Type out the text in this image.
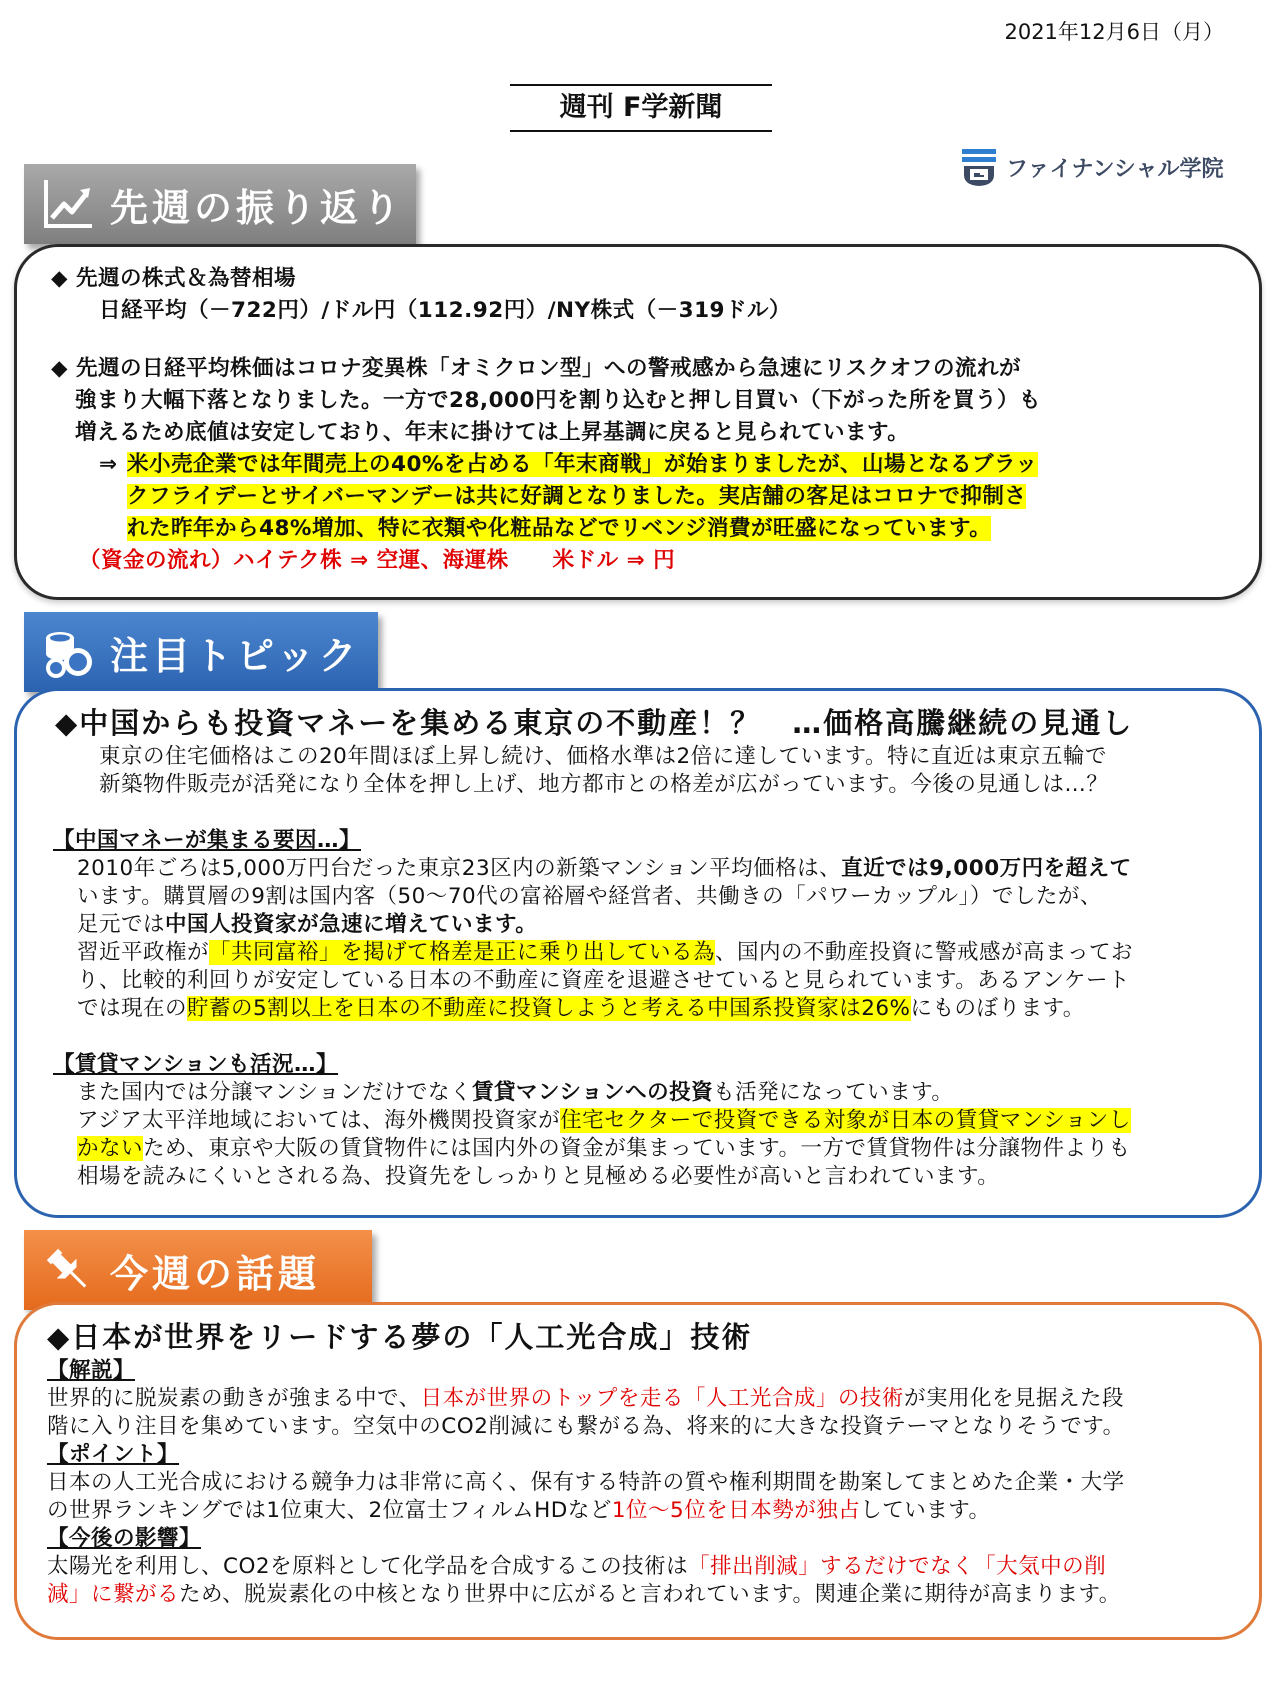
2021年12月6日（月）
週刊 F学新聞
ファイナンシャル学院
先週の振り返り
◆ 先週の株式＆為替相場
日経平均（－722円）/ドル円（112.92円）/NY株式（－319ドル）
◆ 先週の日経平均株価はコロナ変異株「オミクロン型」への警戒感から急速にリスクオフの流れが
強まり大幅下落となりました。一方で28,000円を割り込むと押し目買い（下がった所を買う）も
増えるため底値は安定しており、年末に掛けては上昇基調に戻ると見られています。
⇒ 米小売企業では年間売上の40%を占める「年末商戦」が始まりましたが、山場となるブラッ
クフライデーとサイバーマンデーは共に好調となりました。実店舗の客足はコロナで抑制さ
れた昨年から48%増加、特に衣類や化粧品などでリベンジ消費が旺盛になっています。
（資金の流れ）ハイテク株 ⇒ 空運、海運株　　米ドル ⇒ 円
注目トピック
◆中国からも投資マネーを集める東京の不動産！？　…価格高騰継続の見通し
東京の住宅価格はこの20年間ほぼ上昇し続け、価格水準は2倍に達しています。特に直近は東京五輪で
新築物件販売が活発になり全体を押し上げ、地方都市との格差が広がっています。今後の見通しは…？
【中国マネーが集まる要因…】
2010年ごろは5,000万円台だった東京23区内の新築マンション平均価格は、直近では9,000万円を超えて
います。購買層の9割は国内客（50～70代の富裕層や経営者、共働きの「パワーカップル」）でしたが、
足元では中国人投資家が急速に増えています。
習近平政権が「共同富裕」を掲げて格差是正に乗り出している為、国内の不動産投資に警戒感が高まってお
り、比較的利回りが安定している日本の不動産に資産を退避させていると見られています。あるアンケート
では現在の貯蓄の5割以上を日本の不動産に投資しようと考える中国系投資家は26%にものぼります。
【賃貸マンションも活況…】
また国内では分譲マンションだけでなく賃貸マンションへの投資も活発になっています。
アジア太平洋地域においては、海外機関投資家が住宅セクターで投資できる対象が日本の賃貸マンションし
かないため、東京や大阪の賃貸物件には国内外の資金が集まっています。一方で賃貸物件は分譲物件よりも
相場を読みにくいとされる為、投資先をしっかりと見極める必要性が高いと言われています。
今週の話題
◆日本が世界をリードする夢の「人工光合成」技術
【解説】
世界的に脱炭素の動きが強まる中で、日本が世界のトップを走る「人工光合成」の技術が実用化を見据えた段
階に入り注目を集めています。空気中のCO2削減にも繋がる為、将来的に大きな投資テーマとなりそうです。
【ポイント】
日本の人工光合成における競争力は非常に高く、保有する特許の質や権利期間を勘案してまとめた企業・大学
の世界ランキングでは1位東大、2位富士フィルムHDなど1位～5位を日本勢が独占しています。
【今後の影響】
太陽光を利用し、CO2を原料として化学品を合成するこの技術は「排出削減」するだけでなく「大気中の削
減」に繋がるため、脱炭素化の中核となり世界中に広がると言われています。関連企業に期待が高まります。
